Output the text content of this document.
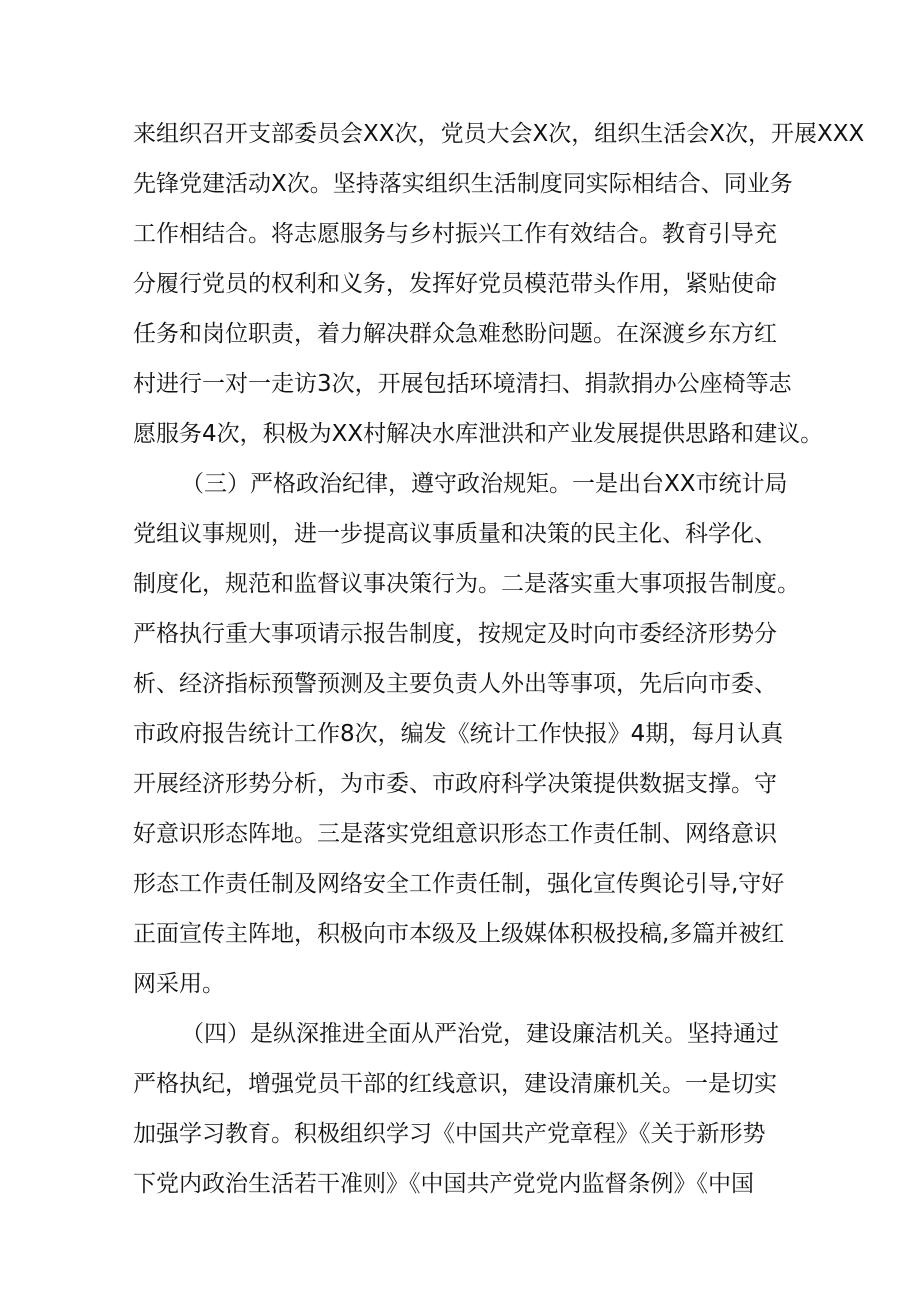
来组织召开支部委员会XX次，党员大会X次，组织生活会X次，开展XXX
先锋党建活动X次。坚持落实组织生活制度同实际相结合、同业务
工作相结合。将志愿服务与乡村振兴工作有效结合。教育引导充
分履行党员的权利和义务，发挥好党员模范带头作用，紧贴使命
任务和岗位职责，着力解决群众急难愁盼问题。在深渡乡东方红
村进行一对一走访3次，开展包括环境清扫、捐款捐办公座椅等志
愿服务4次，积极为XX村解决水库泄洪和产业发展提供思路和建议。
（三）严格政治纪律，遵守政治规矩。一是出台XX市统计局
党组议事规则，进一步提高议事质量和决策的民主化、科学化、
制度化，规范和监督议事决策行为。二是落实重大事项报告制度。
严格执行重大事项请示报告制度，按规定及时向市委经济形势分
析、经济指标预警预测及主要负责人外出等事项，先后向市委、
市政府报告统计工作8次，编发《统计工作快报》4期，每月认真
开展经济形势分析，为市委、市政府科学决策提供数据支撑。守
好意识形态阵地。三是落实党组意识形态工作责任制、网络意识
形态工作责任制及网络安全工作责任制，强化宣传舆论引导,守好
正面宣传主阵地，积极向市本级及上级媒体积极投稿,多篇并被红
网采用。
（四）是纵深推进全面从严治党，建设廉洁机关。坚持通过
严格执纪，增强党员干部的红线意识，建设清廉机关。一是切实
加强学习教育。积极组织学习《中国共产党章程》《关于新形势
下党内政治生活若干准则》《中国共产党党内监督条例》《中国
